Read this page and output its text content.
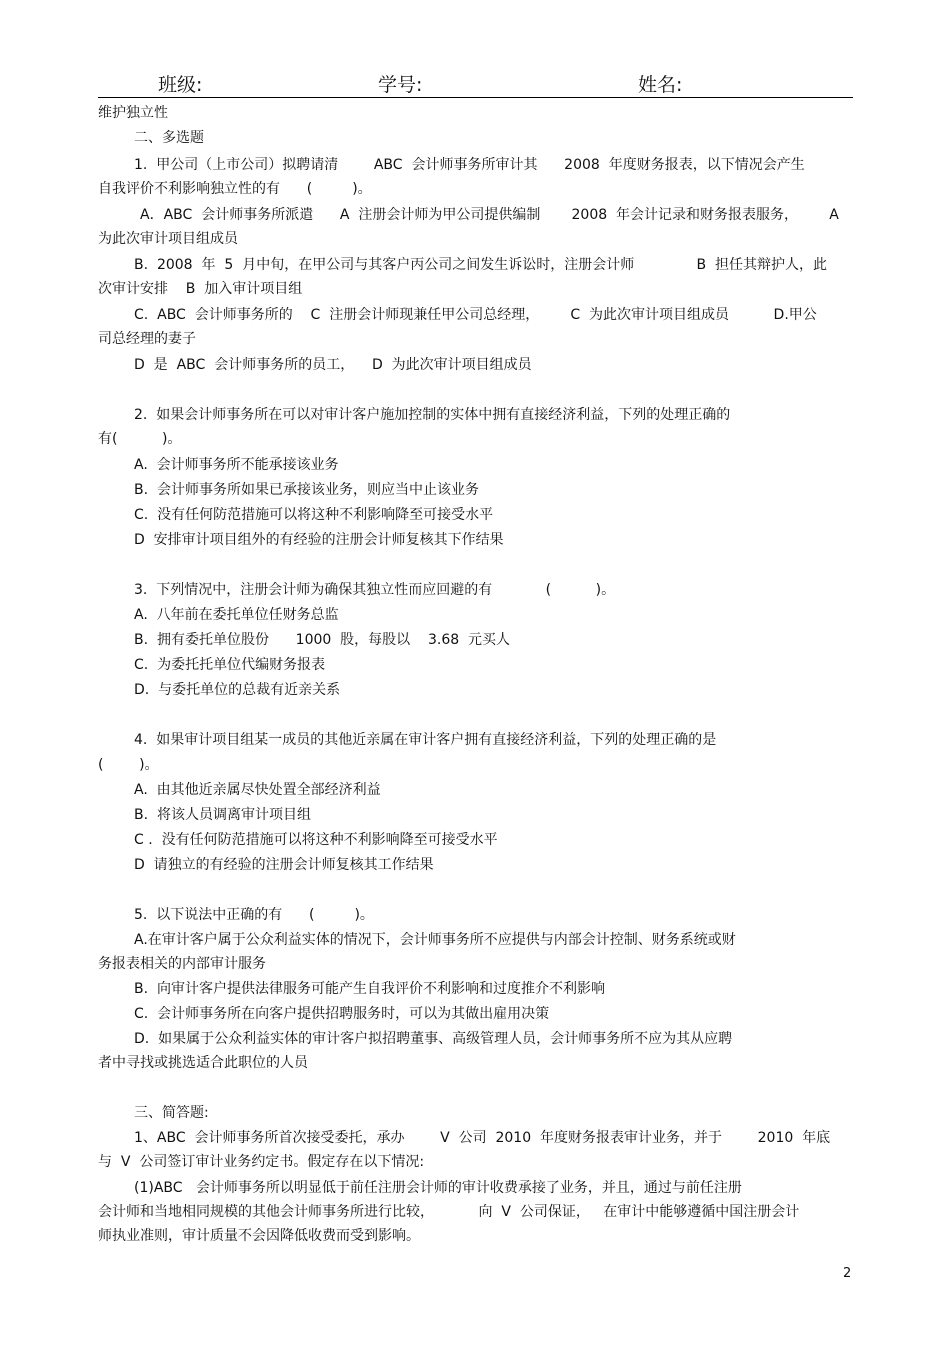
班级:	学号:	姓名:
维护独立性
二、多选题
1.  甲公司（上市公司）拟聘请清        ABC  会计师事务所审计其      2008  年度财务报表，以下情况会产生
自我评价不利影响独立性的有      (         )。
A．ABC  会计师事务所派遣      A  注册会计师为甲公司提供编制       2008  年会计记录和财务报表服务，       A
为此次审计项目组成员
B.  2008  年  5  月中旬，在甲公司与其客户丙公司之间发生诉讼时，注册会计师              B  担任其辩护人，此
次审计安排    B  加入审计项目组
C.  ABC  会计师事务所的    C  注册会计师现兼任甲公司总经理，       C  为此次审计项目组成员          D.甲公
司总经理的妻子
D  是  ABC  会计师事务所的员工，    D  为此次审计项目组成员
2.  如果会计师事务所在可以对审计客户施加控制的实体中拥有直接经济利益，下列的处理正确的
有(          )。
A.  会计师事务所不能承接该业务
B.  会计师事务所如果已承接该业务，则应当中止该业务
C.  没有任何防范措施可以将这种不利影响降至可接受水平
D  安排审计项目组外的有经验的注册会计师复核其下作结果
3.  下列情况中，注册会计师为确保其独立性而应回避的有            (          )。
A.  八年前在委托单位任财务总监
B.  拥有委托单位股份      1000  股，每股以    3.68  元买人
C.  为委托托单位代编财务报表
D.  与委托单位的总裁有近亲关系
4.  如果审计项目组某一成员的其他近亲属在审计客户拥有直接经济利益，下列的处理正确的是
(        )。
A.  由其他近亲属尽快处置全部经济利益
B.  将该人员调离审计项目组
C .  没有任何防范措施可以将这种不利影响降至可接受水平
D  请独立的有经验的注册会计师复核其工作结果
5.  以下说法中正确的有      (         )。
A.在审计客户属于公众利益实体的情况下，会计师事务所不应提供与内部会计控制、财务系统或财
务报表相关的内部审计服务
B.  向审计客户提供法律服务可能产生自我评价不利影响和过度推介不利影响
C.  会计师事务所在向客户提供招聘服务时，可以为其做出雇用决策
D.  如果属于公众利益实体的审计客户拟招聘董事、高级管理人员，会计师事务所不应为其从应聘
者中寻找或挑选适合此职位的人员
三、简答题:
1、ABC  会计师事务所首次接受委托，承办        V  公司  2010  年度财务报表审计业务，并于        2010  年底
与  V  公司签订审计业务约定书。假定存在以下情况:
(1)ABC   会计师事务所以明显低于前任注册会计师的审计收费承接了业务，并且，通过与前任注册
会计师和当地相同规模的其他会计师事务所进行比较，          向  V  公司保证，   在审计中能够遵循中国注册会计
师执业准则，审计质量不会因降低收费而受到影响。
2
